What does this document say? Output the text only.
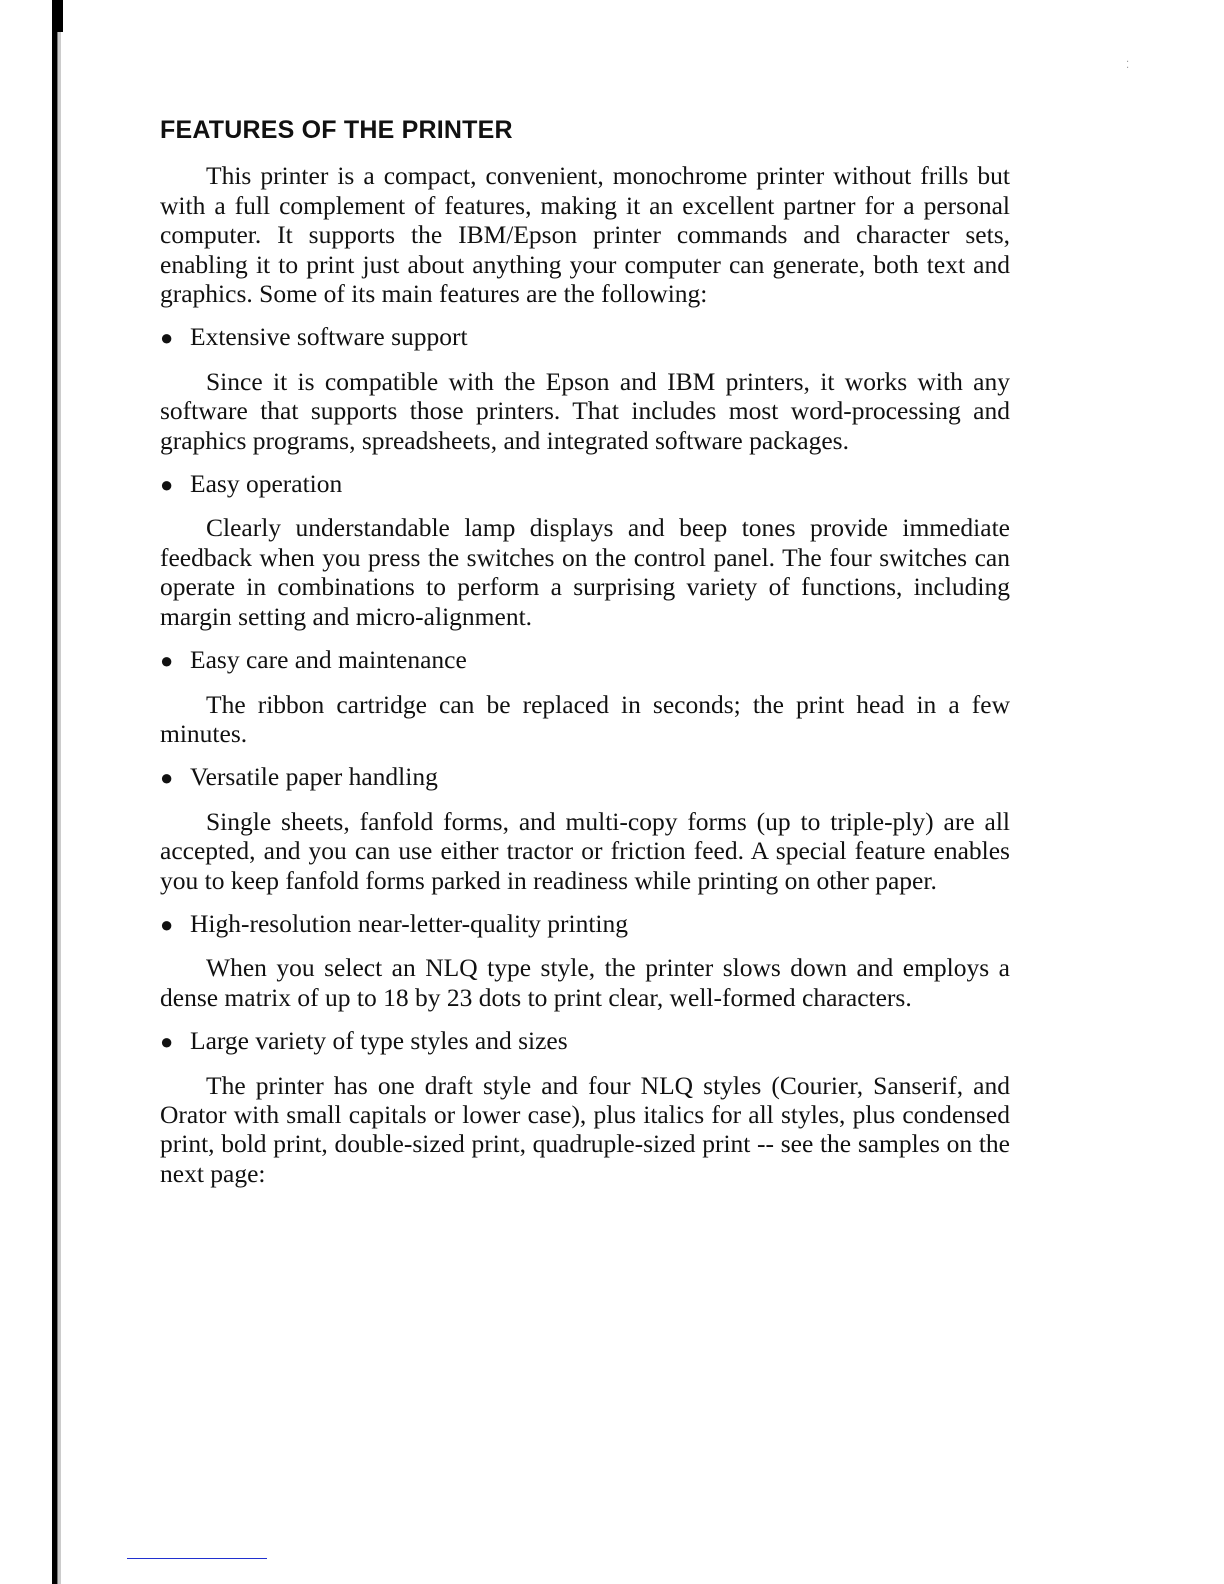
⁚
FEATURES OF THE PRINTER

This printer is a compact, convenient, monochrome printer without frills but with a full complement of features, making it an excellent partner for a personal computer. It supports the IBM/Epson printer commands and character sets, enabling it to print just about anything your computer can generate, both text and graphics. Some of its main features are the following:

● Extensive software support

Since it is compatible with the Epson and IBM printers, it works with any software that supports those printers. That includes most word-processing and graphics programs, spreadsheets, and integrated software packages.

● Easy operation

Clearly understandable lamp displays and beep tones provide immediate feedback when you press the switches on the control panel. The four switches can operate in combinations to perform a surprising variety of functions, including margin setting and micro-alignment.

● Easy care and maintenance

The ribbon cartridge can be replaced in seconds; the print head in a few minutes.

● Versatile paper handling

Single sheets, fanfold forms, and multi-copy forms (up to triple-ply) are all accepted, and you can use either tractor or friction feed. A special feature enables you to keep fanfold forms parked in readiness while printing on other paper.

● High-resolution near-letter-quality printing

When you select an NLQ type style, the printer slows down and employs a dense matrix of up to 18 by 23 dots to print clear, well-formed characters.

● Large variety of type styles and sizes

The printer has one draft style and four NLQ styles (Courier, Sanserif, and Orator with small capitals or lower case), plus italics for all styles, plus condensed print, bold print, double-sized print, quadruple-sized print -- see the samples on the next page:
